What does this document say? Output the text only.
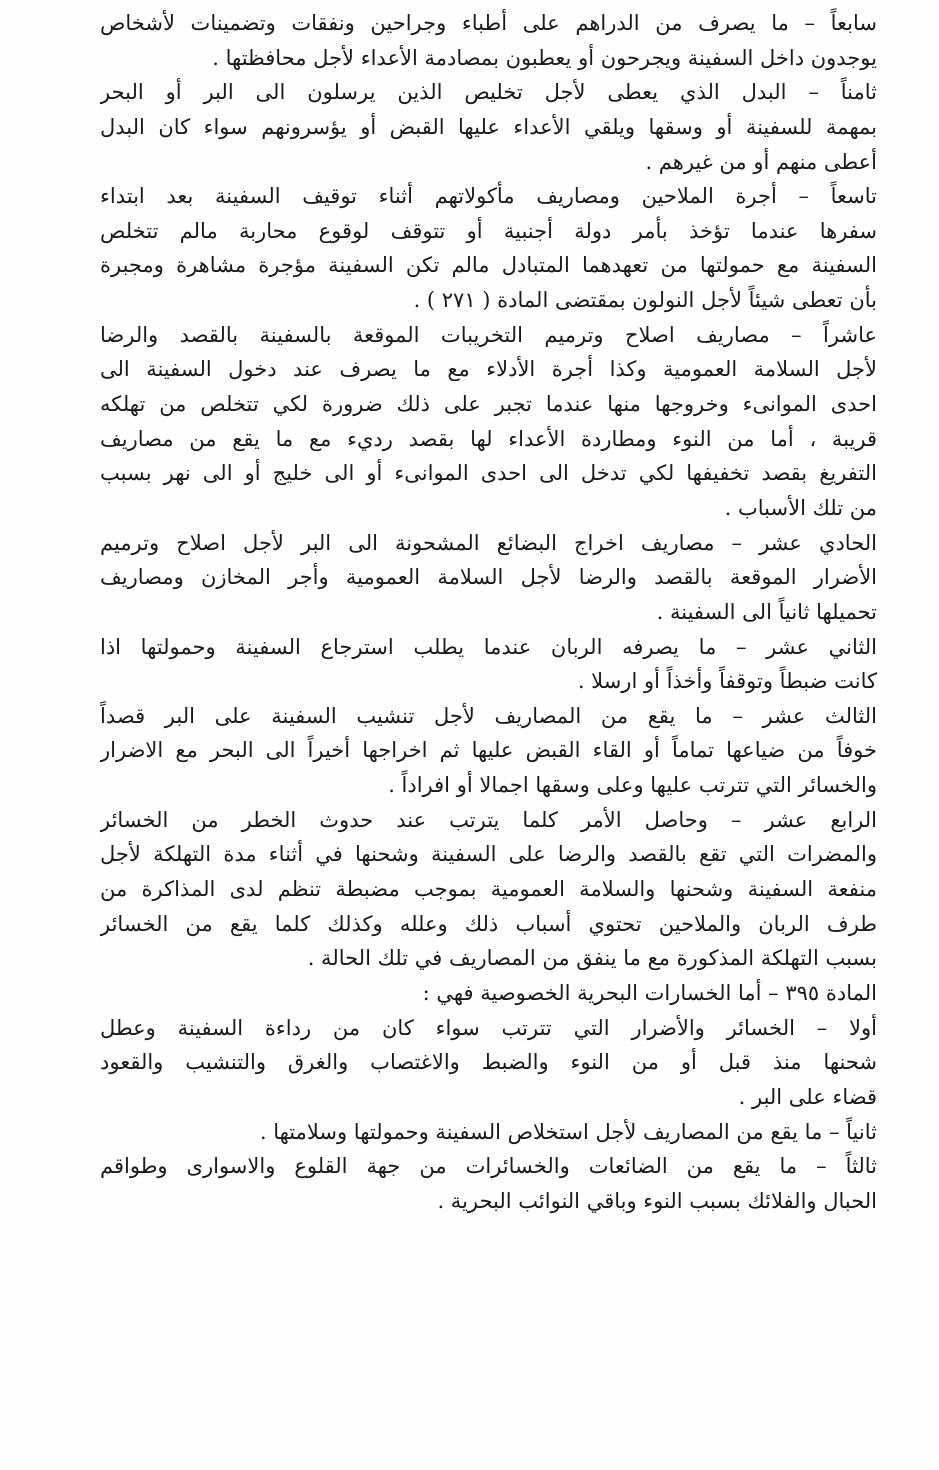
سابعاً – ما يصرف من الدراهم على أطباء وجراحين ونفقات وتضمينات لأشخاص
يوجدون داخل السفينة ويجرحون أو يعطبون بمصادمة الأعداء لأجل محافظتها .
ثامناً – البدل الذي يعطى لأجل تخليص الذين يرسلون الى البر أو البحر
بمهمة للسفينة أو وسقها ويلقي الأعداء عليها القبض أو يؤسرونهم سواء كان البدل
أعطى منهم أو من غيرهم .
تاسعاً – أجرة الملاحين ومصاريف مأكولاتهم أثناء توقيف السفينة بعد ابتداء
سفرها عندما تؤخذ بأمر دولة أجنبية أو تتوقف لوقوع محاربة مالم تتخلص
السفينة مع حمولتها من تعهدهما المتبادل مالم تكن السفينة مؤجرة مشاهرة ومجبرة
بأن تعطى شيئاً لأجل النولون بمقتضى المادة ( ٢٧١ ) .
عاشراً – مصاريف اصلاح وترميم التخريبات الموقعة بالسفينة بالقصد والرضا
لأجل السلامة العمومية وكذا أجرة الأدلاء مع ما يصرف عند دخول السفينة الى
احدى الموانىء وخروجها منها عندما تجبر على ذلك ضرورة لكي تتخلص من تهلكه
قريبة ، أما من النوء ومطاردة الأعداء لها بقصد رديء مع ما يقع من مصاريف
التفريغ بقصد تخفيفها لكي تدخل الى احدى الموانىء أو الى خليج أو الى نهر بسبب
من تلك الأسباب .
الحادي عشر – مصاريف اخراج البضائع المشحونة الى البر لأجل اصلاح وترميم
الأضرار الموقعة بالقصد والرضا لأجل السلامة العمومية وأجر المخازن ومصاريف
تحميلها ثانياً الى السفينة .
الثاني عشر – ما يصرفه الربان عندما يطلب استرجاع السفينة وحمولتها اذا
كانت ضبطاً وتوقفاً وأخذاً أو ارسلا .
الثالث عشر – ما يقع من المصاريف لأجل تنشيب السفينة على البر قصداً
خوفاً من ضياعها تماماً أو القاء القبض عليها ثم اخراجها أخيراً الى البحر مع الاضرار
والخسائر التي تترتب عليها وعلى وسقها اجمالا أو افراداً .
الرابع عشر – وحاصل الأمر كلما يترتب عند حدوث الخطر من الخسائر
والمضرات التي تقع بالقصد والرضا على السفينة وشحنها في أثناء مدة التهلكة لأجل
منفعة السفينة وشحنها والسلامة العمومية بموجب مضبطة تنظم لدى المذاكرة من
طرف الربان والملاحين تحتوي أسباب ذلك وعلله وكذلك كلما يقع من الخسائر
بسبب التهلكة المذكورة مع ما ينفق من المصاريف في تلك الحالة .
المادة ٣٩٥ – أما الخسارات البحرية الخصوصية فهي :
أولا – الخسائر والأضرار التي تترتب سواء كان من رداءة السفينة وعطل
شحنها منذ قبل أو من النوء والضبط والاغتصاب والغرق والتنشيب والقعود
قضاء على البر .
ثانياً – ما يقع من المصاريف لأجل استخلاص السفينة وحمولتها وسلامتها .
ثالثاً – ما يقع من الضائعات والخسائرات من جهة القلوع والاسوارى وطواقم
الحبال والفلائك بسبب النوء وباقي النوائب البحرية .
